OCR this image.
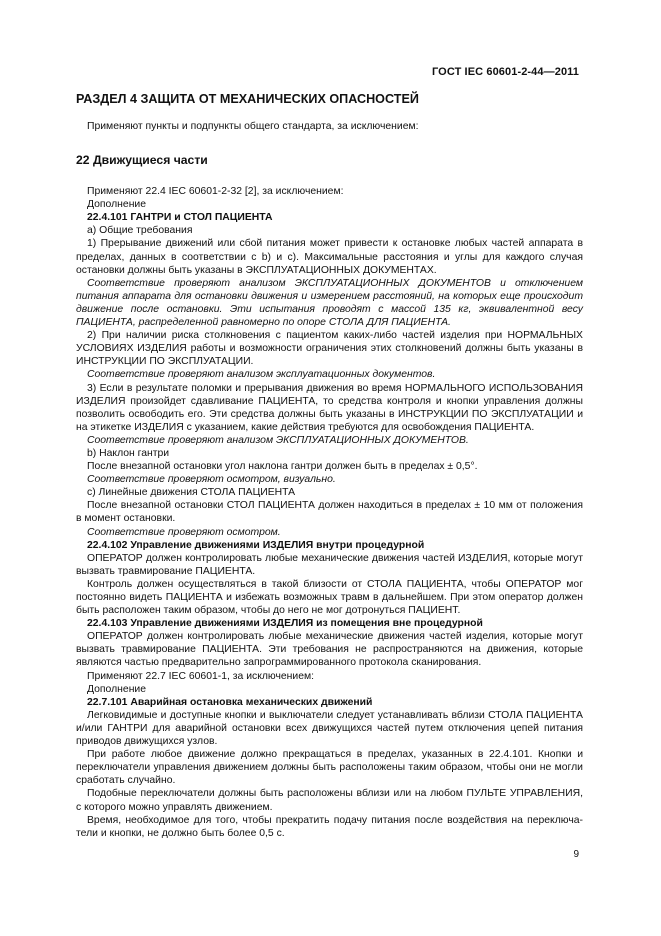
ГОСТ IEC 60601-2-44—2011
РАЗДЕЛ 4 ЗАЩИТА ОТ МЕХАНИЧЕСКИХ ОПАСНОСТЕЙ

Применяют пункты и подпункты общего стандарта, за исключением:

22 Движущиеся части

Применяют 22.4 IEC 60601-2-32 [2], за исключением:

Дополнение

22.4.101 ГАНТРИ и СТОЛ ПАЦИЕНТА

а) Общие требования

1) Прерывание движений или сбой питания может привести к остановке любых частей аппарата в пределах, данных в соответствии с b) и c). Максимальные расстояния и углы для каждого случая остановки должны быть указаны в ЭКСПЛУАТАЦИОННЫХ ДОКУМЕНТАХ.

Соответствие проверяют анализом ЭКСПЛУАТАЦИОННЫХ ДОКУМЕНТОВ и отключением питания аппарата для остановки движения и измерением расстояний, на которых еще происходит движение после остановки. Эти испытания проводят с массой 135 кг, эквивалентной весу ПАЦИЕНТА, распределенной равномерно по опоре СТОЛА ДЛЯ ПАЦИЕНТА.

2) При наличии риска столкновения с пациентом каких-либо частей изделия при НОРМАЛЬНЫХ УСЛОВИЯХ ИЗДЕЛИЯ работы и возможности ограничения этих столкновений должны быть указаны в ИНСТРУКЦИИ ПО ЭКСПЛУАТАЦИИ.

Соответствие проверяют анализом эксплуатационных документов.

3) Если в результате поломки и прерывания движения во время НОРМАЛЬНОГО ИСПОЛЬЗОВАНИЯ ИЗДЕЛИЯ произойдет сдавливание ПАЦИЕНТА, то средства контроля и кнопки управления должны позволить освободить его. Эти средства должны быть указаны в ИНСТРУКЦИИ ПО ЭКСПЛУАТАЦИИ и на этикетке ИЗДЕЛИЯ с указанием, какие действия требуются для освобождения ПАЦИЕНТА.

Соответствие проверяют анализом ЭКСПЛУАТАЦИОННЫХ ДОКУМЕНТОВ.

b) Наклон гантри

После внезапной остановки угол наклона гантри должен быть в пределах ± 0,5°.

Соответствие проверяют осмотром, визуально.

с) Линейные движения СТОЛА ПАЦИЕНТА

После внезапной остановки СТОЛ ПАЦИЕНТА должен находиться в пределах ± 10 мм от положения в момент остановки.

Соответствие проверяют осмотром.

22.4.102 Управление движениями ИЗДЕЛИЯ внутри процедурной

ОПЕРАТОР должен контролировать любые механические движения частей ИЗДЕЛИЯ, которые могут вызвать травмирование ПАЦИЕНТА.

Контроль должен осуществляться в такой близости от СТОЛА ПАЦИЕНТА, чтобы ОПЕРАТОР мог постоянно видеть ПАЦИЕНТА и избежать возможных травм в дальнейшем. При этом оператор должен быть расположен таким образом, чтобы до него не мог дотронуться ПАЦИЕНТ.

22.4.103 Управление движениями ИЗДЕЛИЯ из помещения вне процедурной

ОПЕРАТОР должен контролировать любые механические движения частей изделия, которые могут вызвать травмирование ПАЦИЕНТА. Эти требования не распространяются на движения, которые являются частью предварительно запрограммированного протокола сканирования.

Применяют 22.7 IEC 60601-1, за исключением:

Дополнение

22.7.101 Аварийная остановка механических движений

Легковидимые и доступные кнопки и выключатели следует устанавливать вблизи СТОЛА ПАЦИЕНТА и/или ГАНТРИ для аварийной остановки всех движущихся частей путем отключения цепей питания приводов движущихся узлов.

При работе любое движение должно прекращаться в пределах, указанных в 22.4.101. Кнопки и переключатели управления движением должны быть расположены таким образом, чтобы они не могли сработать случайно.

Подобные переключатели должны быть расположены вблизи или на любом ПУЛЬТЕ УПРАВЛЕНИЯ, с которого можно управлять движением.

Время, необходимое для того, чтобы прекратить подачу питания после воздействия на переключатели и кнопки, не должно быть более 0,5 с.

9
